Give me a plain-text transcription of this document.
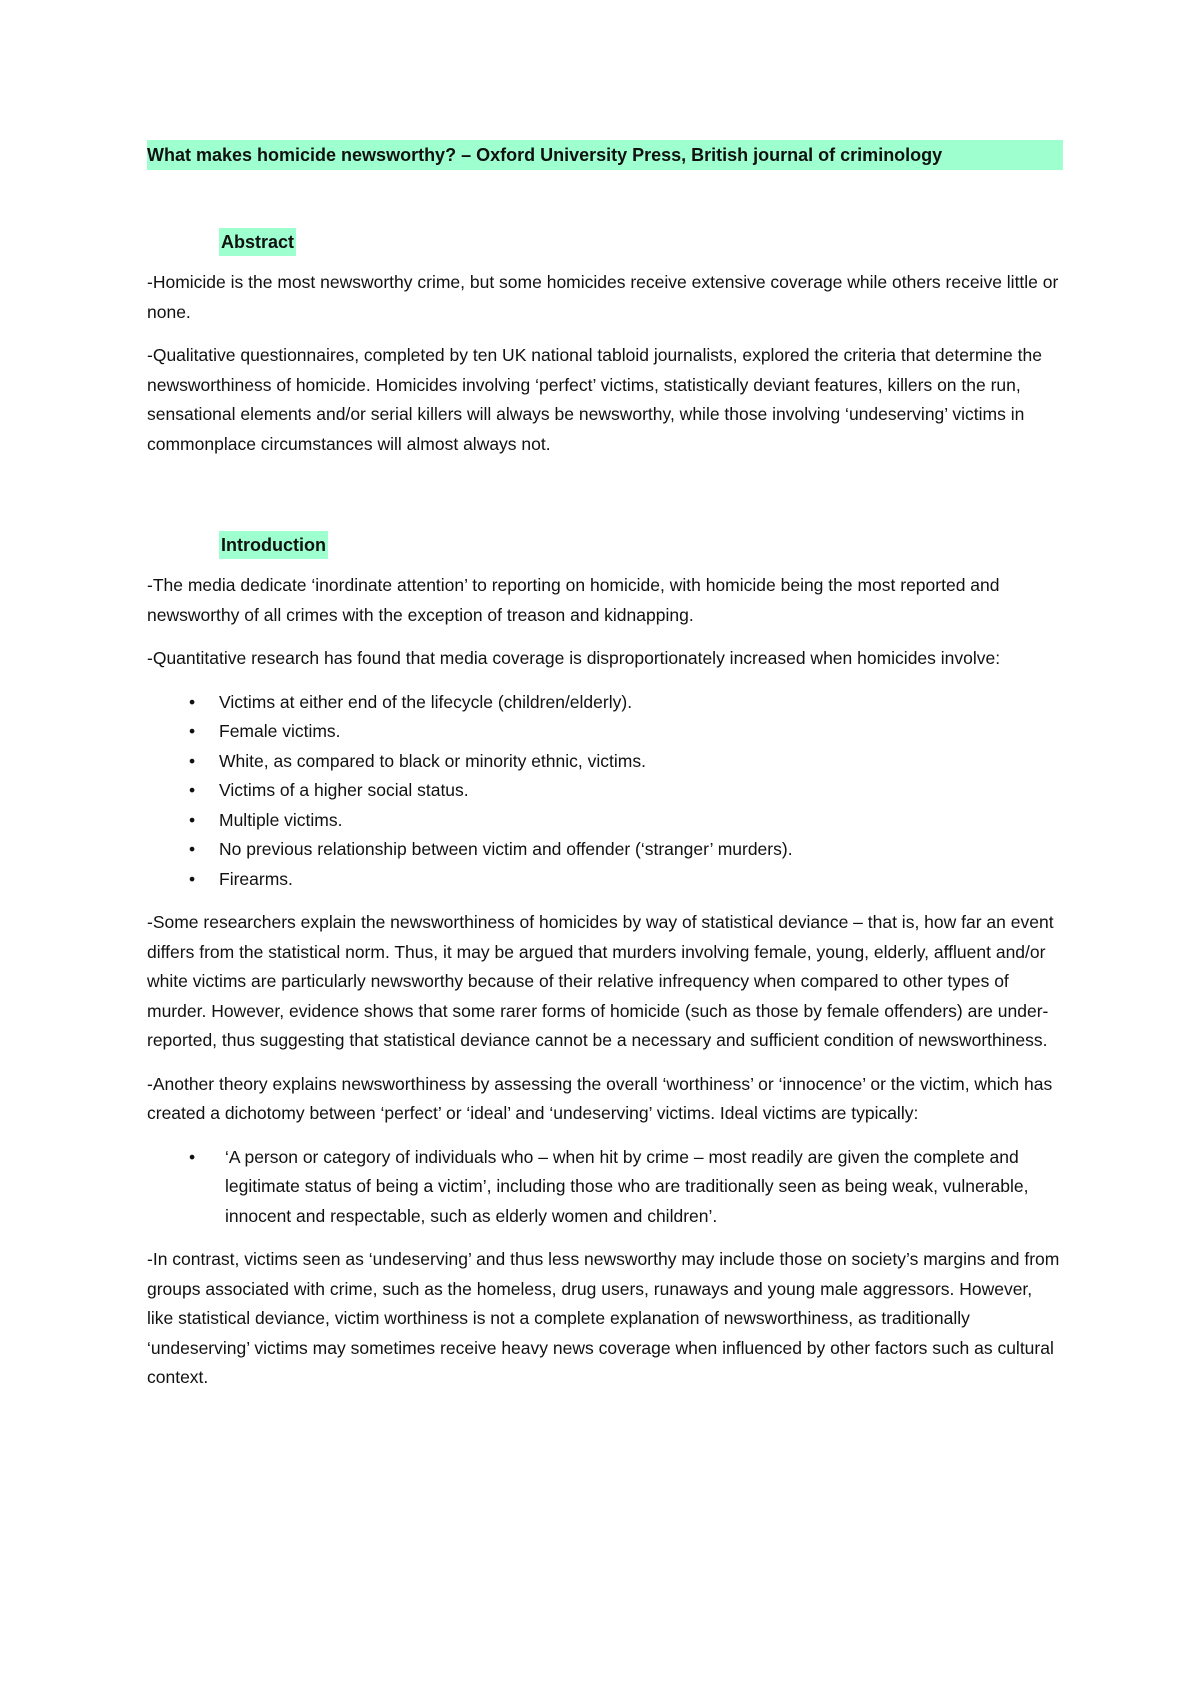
What makes homicide newsworthy? – Oxford University Press, British journal of criminology
Abstract

-Homicide is the most newsworthy crime, but some homicides receive extensive coverage while others receive little or none.

-Qualitative questionnaires, completed by ten UK national tabloid journalists, explored the criteria that determine the newsworthiness of homicide. Homicides involving ‘perfect’ victims, statistically deviant features, killers on the run, sensational elements and/or serial killers will always be newsworthy, while those involving ‘undeserving’ victims in commonplace circumstances will almost always not.

Introduction

-The media dedicate ‘inordinate attention’ to reporting on homicide, with homicide being the most reported and newsworthy of all crimes with the exception of treason and kidnapping.

-Quantitative research has found that media coverage is disproportionately increased when homicides involve:

• Victims at either end of the lifecycle (children/elderly).
• Female victims.
• White, as compared to black or minority ethnic, victims.
• Victims of a higher social status.
• Multiple victims.
• No previous relationship between victim and offender (‘stranger’ murders).
• Firearms.

-Some researchers explain the newsworthiness of homicides by way of statistical deviance – that is, how far an event differs from the statistical norm. Thus, it may be argued that murders involving female, young, elderly, affluent and/or white victims are particularly newsworthy because of their relative infrequency when compared to other types of murder. However, evidence shows that some rarer forms of homicide (such as those by female offenders) are under-reported, thus suggesting that statistical deviance cannot be a necessary and sufficient condition of newsworthiness.

-Another theory explains newsworthiness by assessing the overall ‘worthiness’ or ‘innocence’ or the victim, which has created a dichotomy between ‘perfect’ or ‘ideal’ and ‘undeserving’ victims. Ideal victims are typically:

• ‘A person or category of individuals who – when hit by crime – most readily are given the complete and legitimate status of being a victim’, including those who are traditionally seen as being weak, vulnerable, innocent and respectable, such as elderly women and children’.

-In contrast, victims seen as ‘undeserving’ and thus less newsworthy may include those on society’s margins and from groups associated with crime, such as the homeless, drug users, runaways and young male aggressors. However, like statistical deviance, victim worthiness is not a complete explanation of newsworthiness, as traditionally ‘undeserving’ victims may sometimes receive heavy news coverage when influenced by other factors such as cultural context.
